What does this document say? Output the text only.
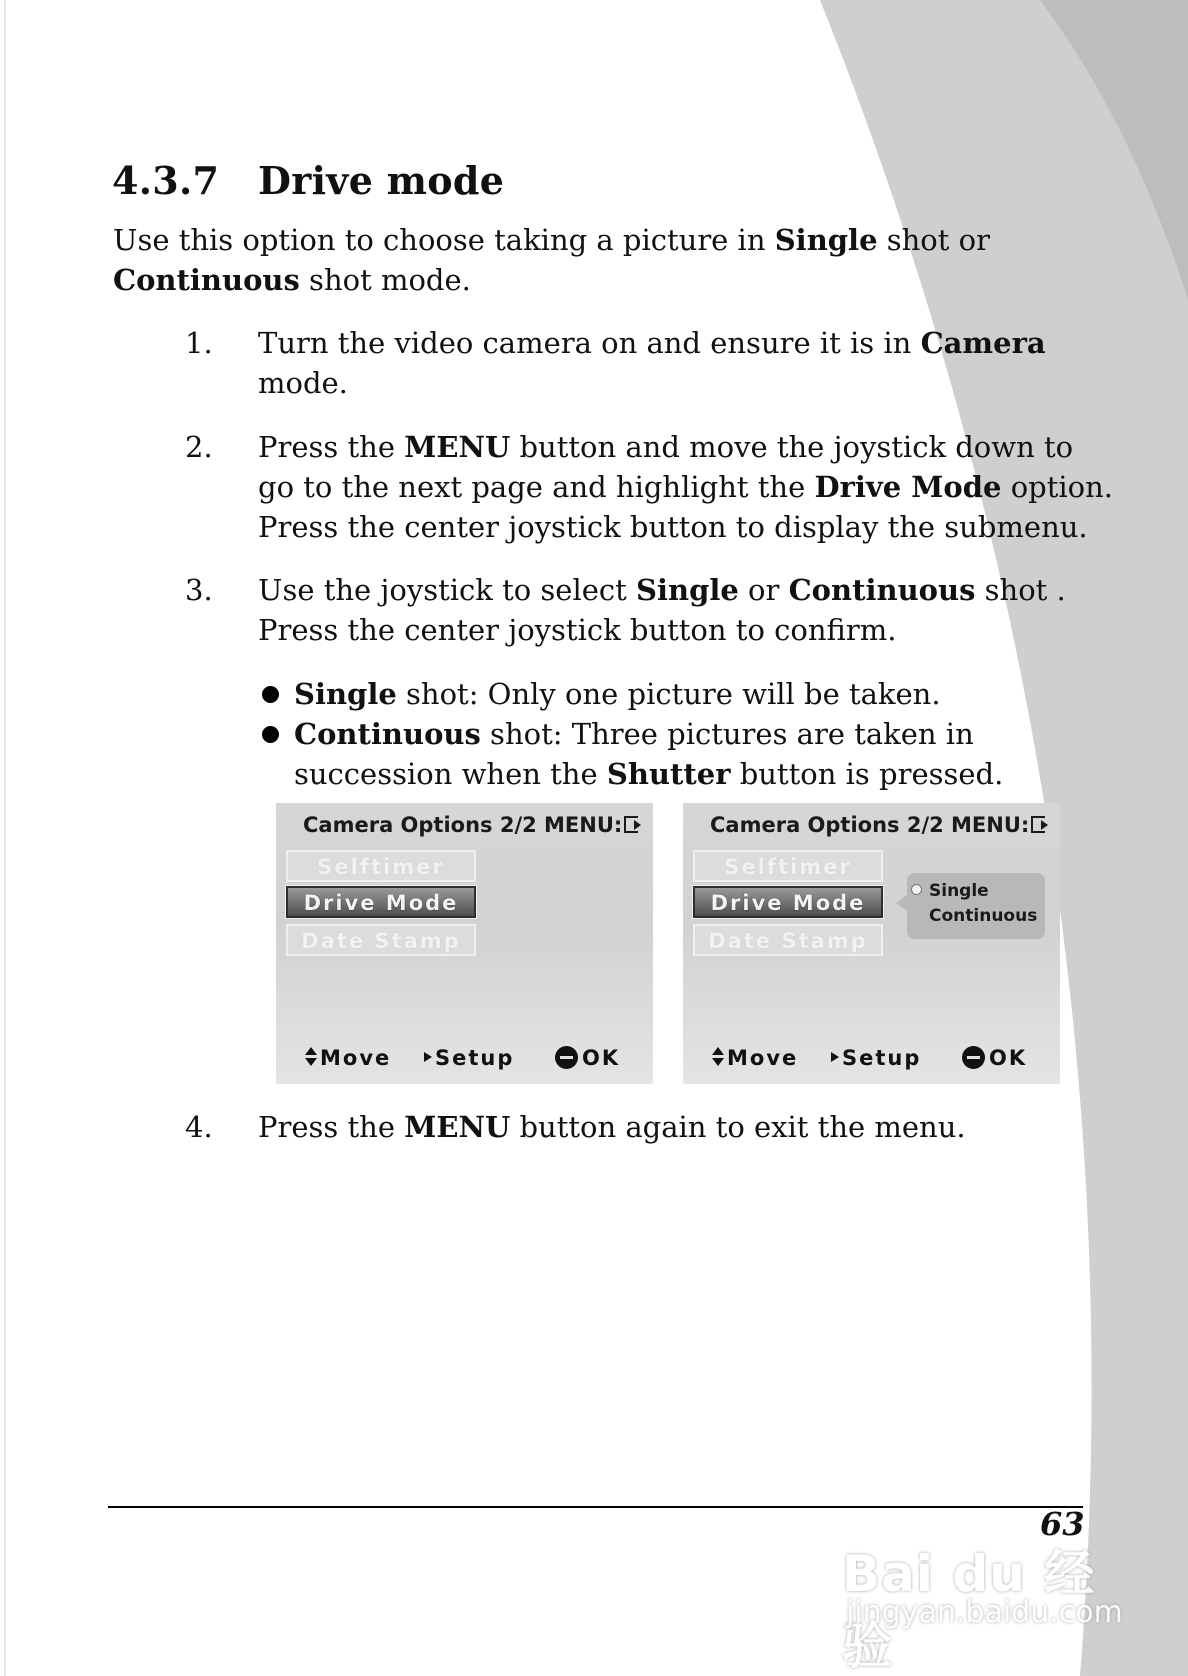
4.3.7 Drive mode
Use this option to choose taking a picture in Single shot or
Continuous shot mode.
1. Turn the video camera on and ensure it is in Camera
mode.
2. Press the MENU button and move the joystick down to
go to the next page and highlight the Drive Mode option.
Press the center joystick button to display the submenu.
3. Use the joystick to select Single or Continuous shot .
Press the center joystick button to confirm.
Single shot: Only one picture will be taken.
Continuous shot: Three pictures are taken in
succession when the Shutter button is pressed.
Camera Options 2/2 MENU:
Selftimer
Drive Mode
Date Stamp
Move	Setup	OK
Camera Options 2/2 MENU:
Selftimer
Drive Mode
Date Stamp
Single
Continuous
Move	Setup	OK
4. Press the MENU button again to exit the menu.
63
Bai du 经验
jingyan.baidu.com
